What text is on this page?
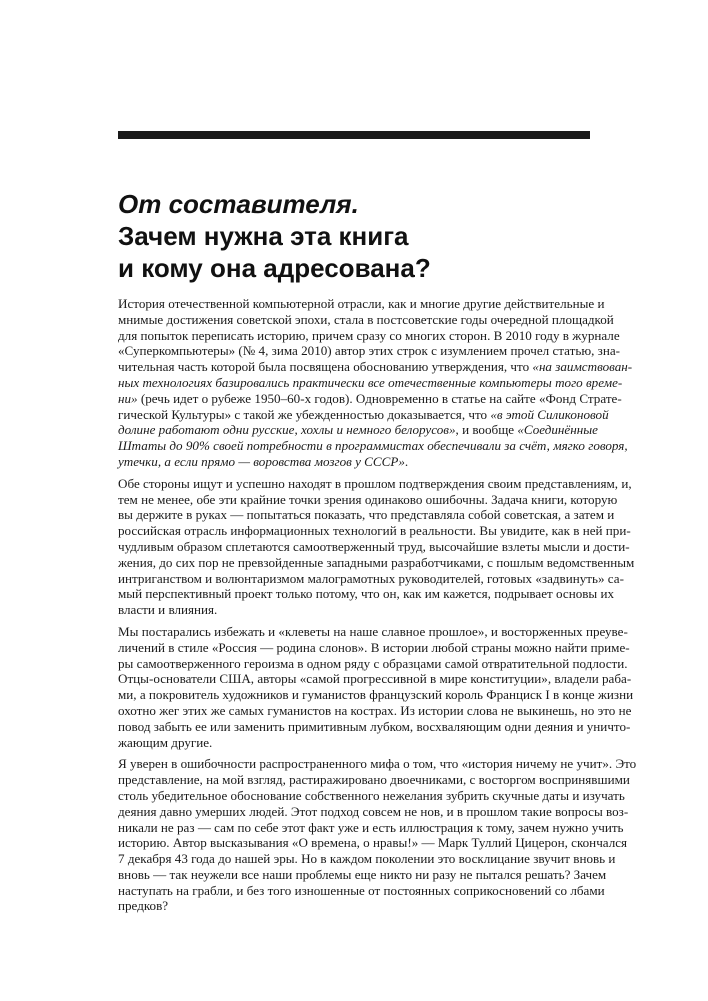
От составителя.
Зачем нужна эта книга
и кому она адресована?
История отечественной компьютерной отрасли, как и многие другие действительные и
мнимые достижения советской эпохи, стала в постсоветские годы очередной площадкой
для попыток переписать историю, причем сразу со многих сторон. В 2010 году в журнале
«Суперкомпьютеры» (№ 4, зима 2010) автор этих строк с изумлением прочел статью, зна-
чительная часть которой была посвящена обоснованию утверждения, что «на заимствован-
ных технологиях базировались практически все отечественные компьютеры того време-
ни» (речь идет о рубеже 1950–60-х годов). Одновременно в статье на сайте «Фонд Стратe-
гической Культуры» с такой же убежденностью доказывается, что «в этой Силиконовой
долине работают одни русские, хохлы и немного белорусов», и вообще «Соединённые
Штаты до 90% своей потребности в программистах обеспечивали за счёт, мягко говоря,
утечки, а если прямо — воровства мозгов у СССР».
Обе стороны ищут и успешно находят в прошлом подтверждения своим представлениям, и,
тем не менее, обе эти крайние точки зрения одинаково ошибочны. Задача книги, которую
вы держите в руках — попытаться показать, что представляла собой советская, а затем и
российская отрасль информационных технологий в реальности. Вы увидите, как в ней при-
чудливым образом сплетаются самоотверженный труд, высочайшие взлеты мысли и дости-
жения, до сих пор не превзойденные западными разработчиками, с пошлым ведомственным
интриганством и волюнтаризмом малограмотных руководителей, готовых «задвинуть» са-
мый перспективный проект только потому, что он, как им кажется, подрывает основы их
власти и влияния.
Мы постарались избежать и «клеветы на наше славное прошлое», и восторженных преуве-
личений в стиле «Россия — родина слонов». В истории любой страны можно найти приме-
ры самоотверженного героизма в одном ряду с образцами самой отвратительной подлости.
Отцы-основатели США, авторы «самой прогрессивной в мире конституции», владели раба-
ми, а покровитель художников и гуманистов французский король Франциск I в конце жизни
охотно жег этих же самых гуманистов на кострах. Из истории слова не выкинешь, но это не
повод забыть ее или заменить примитивным лубком, восхваляющим одни деяния и уничто-
жающим другие.
Я уверен в ошибочности распространенного мифа о том, что «история ничему не учит». Это
представление, на мой взгляд, растиражировано двоечниками, с восторгом воспринявшими
столь убедительное обоснование собственного нежелания зубрить скучные даты и изучать
деяния давно умерших людей. Этот подход совсем не нов, и в прошлом такие вопросы воз-
никали не раз — сам по себе этот факт уже и есть иллюстрация к тому, зачем нужно учить
историю. Автор высказывания «О времена, о нравы!» — Марк Туллий Цицерон, скончался
7 декабря 43 года до нашей эры. Но в каждом поколении это восклицание звучит вновь и
вновь — так неужели все наши проблемы еще никто ни разу не пытался решать? Зачем
наступать на грабли, и без того изношенные от постоянных соприкосновений со лбами
предков?
